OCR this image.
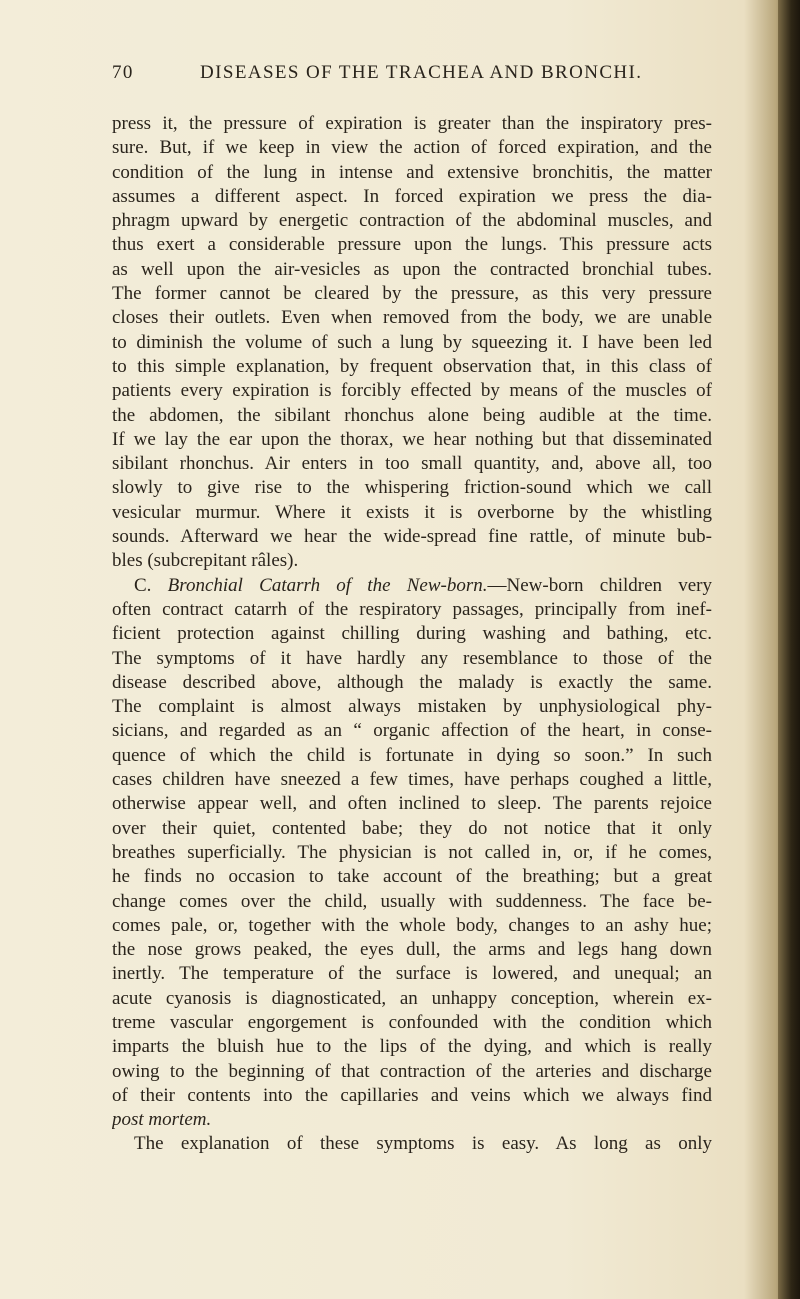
70	DISEASES OF THE TRACHEA AND BRONCHI.
press it, the pressure of expiration is greater than the inspiratory pres-
sure. But, if we keep in view the action of forced expiration, and the
condition of the lung in intense and extensive bronchitis, the matter
assumes a different aspect. In forced expiration we press the dia-
phragm upward by energetic contraction of the abdominal muscles, and
thus exert a considerable pressure upon the lungs. This pressure acts
as well upon the air-vesicles as upon the contracted bronchial tubes.
The former cannot be cleared by the pressure, as this very pressure
closes their outlets. Even when removed from the body, we are unable
to diminish the volume of such a lung by squeezing it. I have been led
to this simple explanation, by frequent observation that, in this class of
patients every expiration is forcibly effected by means of the muscles of
the abdomen, the sibilant rhonchus alone being audible at the time.
If we lay the ear upon the thorax, we hear nothing but that disseminated
sibilant rhonchus. Air enters in too small quantity, and, above all, too
slowly to give rise to the whispering friction-sound which we call
vesicular murmur. Where it exists it is overborne by the whistling
sounds. Afterward we hear the wide-spread fine rattle, of minute bub-
bles (subcrepitant râles).
C. Bronchial Catarrh of the New-born.—New-born children very
often contract catarrh of the respiratory passages, principally from inef-
ficient protection against chilling during washing and bathing, etc.
The symptoms of it have hardly any resemblance to those of the
disease described above, although the malady is exactly the same.
The complaint is almost always mistaken by unphysiological phy-
sicians, and regarded as an “ organic affection of the heart, in conse-
quence of which the child is fortunate in dying so soon.” In such
cases children have sneezed a few times, have perhaps coughed a little,
otherwise appear well, and often inclined to sleep. The parents rejoice
over their quiet, contented babe; they do not notice that it only
breathes superficially. The physician is not called in, or, if he comes,
he finds no occasion to take account of the breathing; but a great
change comes over the child, usually with suddenness. The face be-
comes pale, or, together with the whole body, changes to an ashy hue;
the nose grows peaked, the eyes dull, the arms and legs hang down
inertly. The temperature of the surface is lowered, and unequal; an
acute cyanosis is diagnosticated, an unhappy conception, wherein ex-
treme vascular engorgement is confounded with the condition which
imparts the bluish hue to the lips of the dying, and which is really
owing to the beginning of that contraction of the arteries and discharge
of their contents into the capillaries and veins which we always find
post mortem.
The explanation of these symptoms is easy. As long as only
